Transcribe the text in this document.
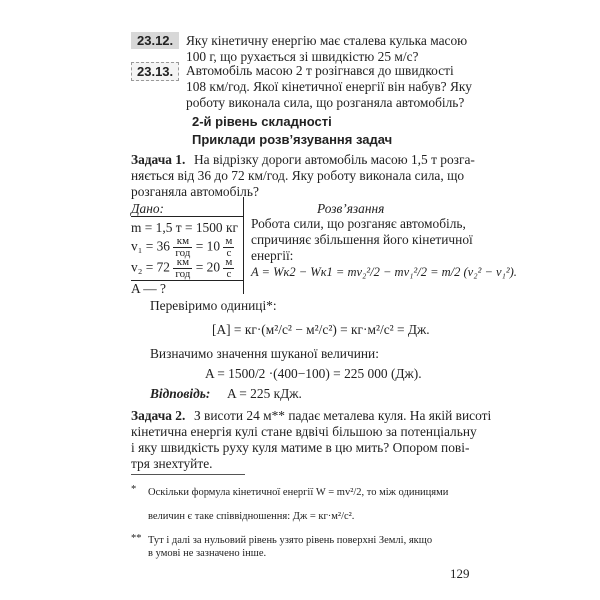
23.12. Яку кінетичну енергію має сталева кулька масою
100 г, що рухається зі швидкістю 25 м/с?
23.13. Автомобіль масою 2 т розігнався до швидкості
108 км/год. Якої кінетичної енергії він набув? Яку
роботу виконала сила, що розганяла автомобіль?
2-й рівень складності
Приклади розв’язування задач
Задача 1. На відрізку дороги автомобіль масою 1,5 т розга-
няється від 36 до 72 км/год. Яку роботу виконала сила, що
розганяла автомобіль?
Дано:
m = 1,5 т = 1500 кг
$v_1 = 36 \frac{км}{\text{год}} = 10 \frac{м}{с}$
$v_2 = 72 \frac{км}{\text{год}} = 20 \frac{м}{с}$
A — ?
Розв’язання
Робота сили, що розганяє автомобіль,
спричиняє збільшення його кінетичної
енергії:
A = Wк2 − Wк1 = mv₂²/2 − mv₁²/2 = m/2 (v₂² − v₁²).
Перевіримо одиниці*:
[A] = кг·(м²/с² − м²/с²) = кг·м²/с² = Дж.
Визначимо значення шуканої величини:
A = 1500/2 ·(400−100) = 225 000 (Дж).
Відповідь: A = 225 кДж.
Задача 2. З висоти 24 м** падає металева куля. На якій висоті
кінетична енергія кулі стане вдвічі більшою за потенціальну
і яку швидкість руху куля матиме в цю мить? Опором пові-
тря знехтуйте.
* Оскільки формула кінетичної енергії W = mv²/2, то між одиницями
величин є таке співвідношення: Дж = кг·м²/с².
** Тут і далі за нульовий рівень узято рівень поверхні Землі, якщо
в умові не зазначено інше.
129
